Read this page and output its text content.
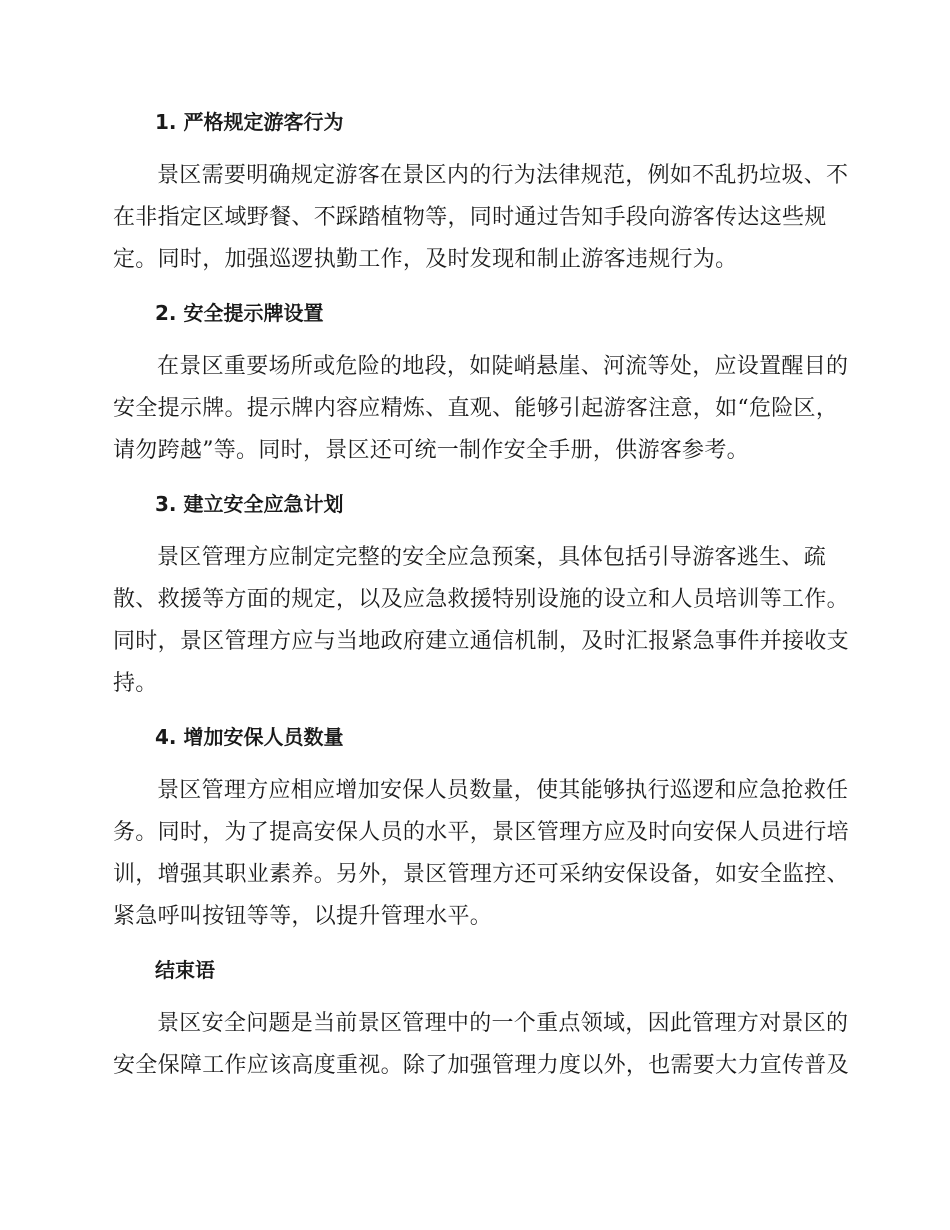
1. 严格规定游客行为
景区需要明确规定游客在景区内的行为法律规范，例如不乱扔垃圾、不
在非指定区域野餐、不踩踏植物等，同时通过告知手段向游客传达这些规
定。同时，加强巡逻执勤工作，及时发现和制止游客违规行为。
2. 安全提示牌设置
在景区重要场所或危险的地段，如陡峭悬崖、河流等处，应设置醒目的
安全提示牌。提示牌内容应精炼、直观、能够引起游客注意，如“危险区，
请勿跨越”等。同时，景区还可统一制作安全手册，供游客参考。
3. 建立安全应急计划
景区管理方应制定完整的安全应急预案，具体包括引导游客逃生、疏
散、救援等方面的规定，以及应急救援特别设施的设立和人员培训等工作。
同时，景区管理方应与当地政府建立通信机制，及时汇报紧急事件并接收支
持。
4. 增加安保人员数量
景区管理方应相应增加安保人员数量，使其能够执行巡逻和应急抢救任
务。同时，为了提高安保人员的水平，景区管理方应及时向安保人员进行培
训，增强其职业素养。另外，景区管理方还可采纳安保设备，如安全监控、
紧急呼叫按钮等等，以提升管理水平。
结束语
景区安全问题是当前景区管理中的一个重点领域，因此管理方对景区的
安全保障工作应该高度重视。除了加强管理力度以外，也需要大力宣传普及
